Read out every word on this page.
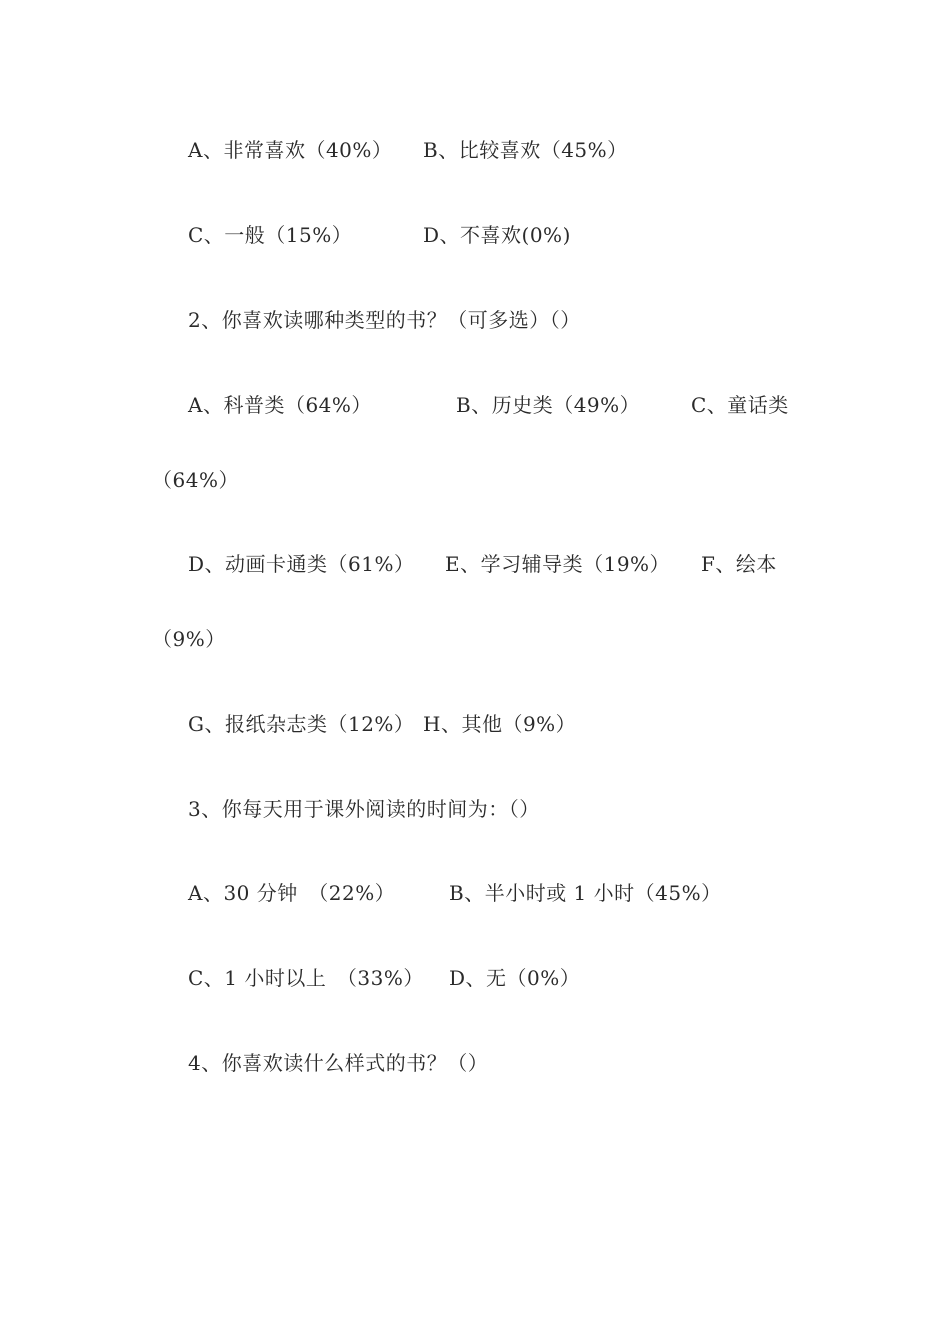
A、非常喜欢（40%） B、比较喜欢（45%）
C、一般（15%）	D、不喜欢(0%)
2、你喜欢读哪种类型的书？（可多选）（）
A、科普类（64%）	B、历史类（49%）	C、童话类
（64%）
D、动画卡通类（61%） E、学习辅导类（19%） F、绘本
（9%）
G、报纸杂志类（12%） H、其他（9%）
3、你每天用于课外阅读的时间为：（）
A、30 分钟　（22%）	B、半小时或 1 小时（45%）
C、1 小时以上　（33%） D、无（0%）
4、你喜欢读什么样式的书？（）
